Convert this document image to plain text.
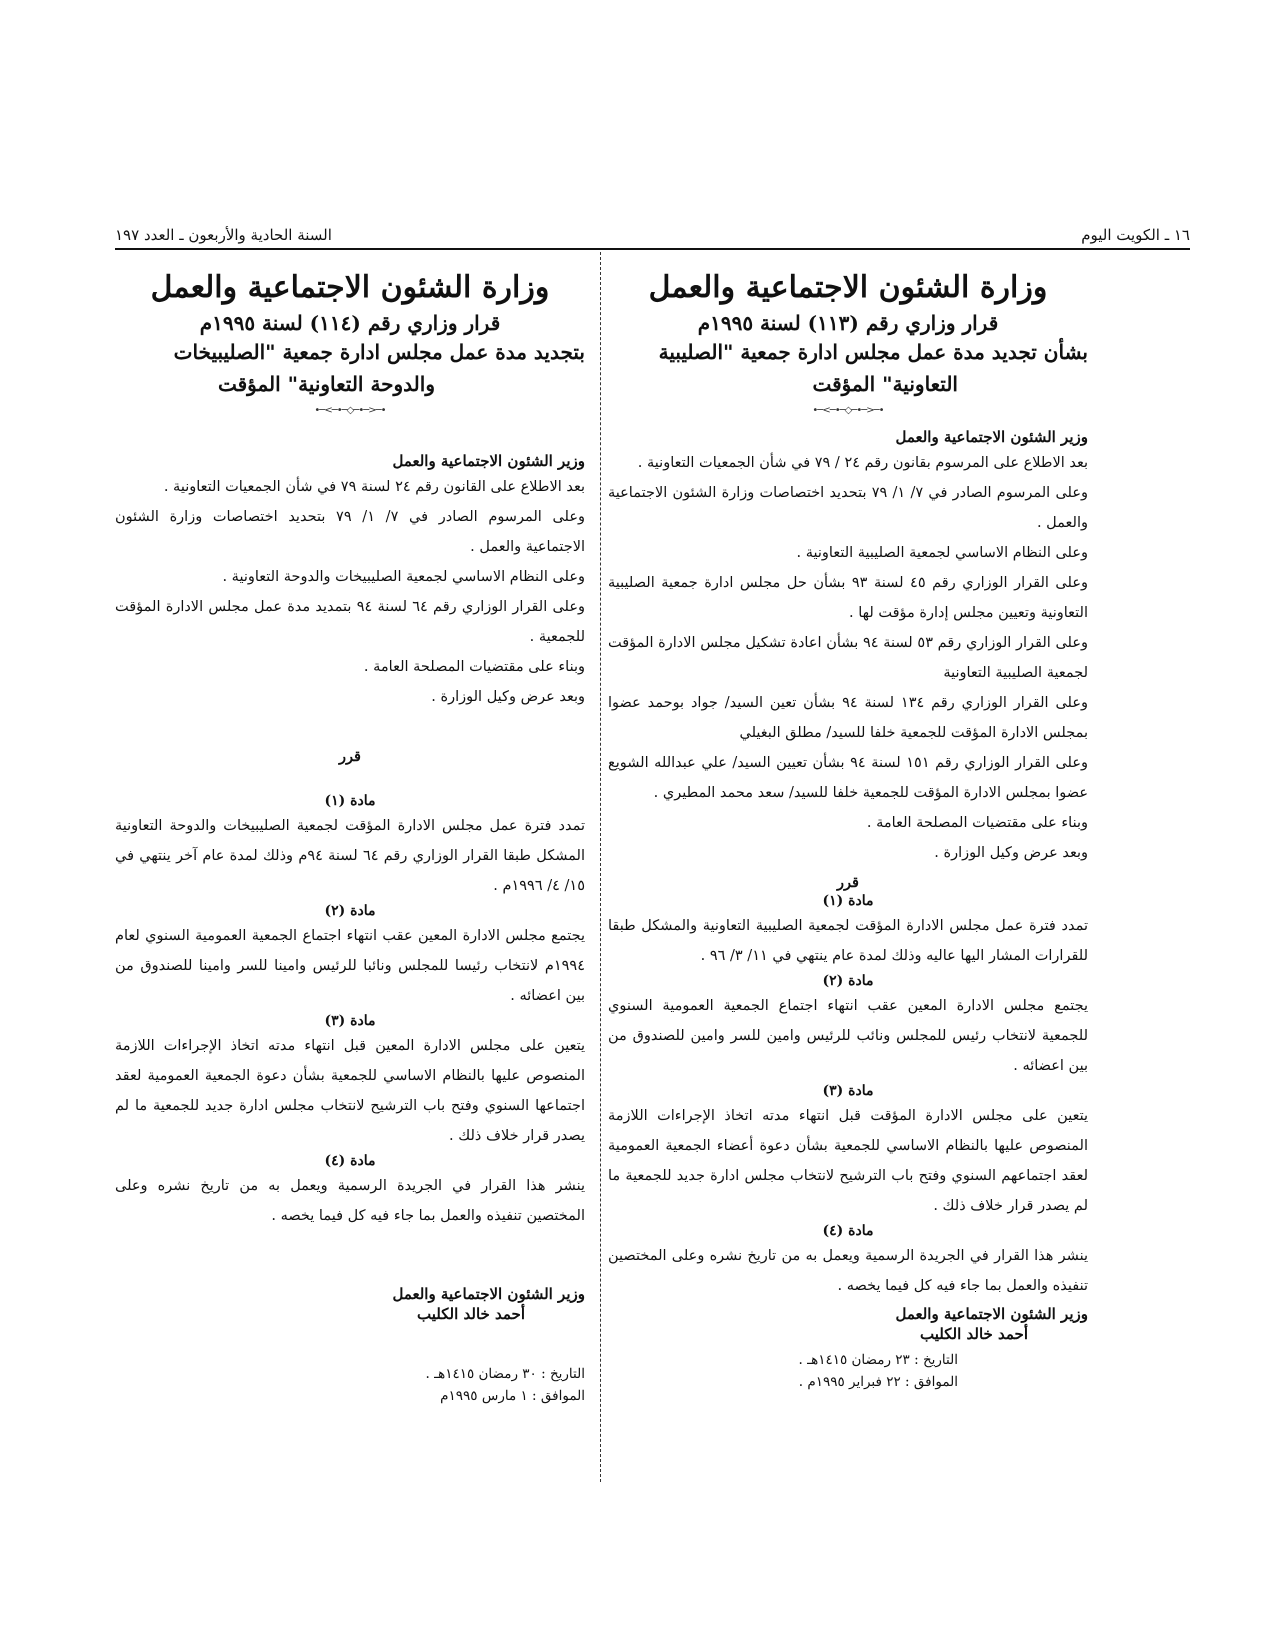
١٦ ـ الكويت اليوم
السنة الحادية والأربعون ـ العدد ١٩٧
وزارة الشئون الاجتماعية والعمل
قرار وزاري رقم (١١٣) لسنة ١٩٩٥م
بشأن تجديد مدة عمل مجلس ادارة جمعية "الصليبية
التعاونية" المؤقت
•─<─•─◇─•─>─•
وزير الشئون الاجتماعية والعمل

بعد الاطلاع على المرسوم بقانون رقم ٢٤ / ٧٩ في شأن الجمعيات التعاونية .

وعلى المرسوم الصادر في ٧/ ١/ ٧٩ بتحديد اختصاصات وزارة الشئون الاجتماعية والعمل .

وعلى النظام الاساسي لجمعية الصليبية التعاونية .

وعلى القرار الوزاري رقم ٤٥ لسنة ٩٣ بشأن حل مجلس ادارة جمعية الصليبية التعاونية وتعيين مجلس إدارة مؤقت لها .

وعلى القرار الوزاري رقم ٥٣ لسنة ٩٤ بشأن اعادة تشكيل مجلس الادارة المؤقت لجمعية الصليبية التعاونية

وعلى القرار الوزاري رقم ١٣٤ لسنة ٩٤ بشأن تعين السيد/ جواد بوحمد عضوا بمجلس الادارة المؤقت للجمعية خلفا للسيد/ مطلق البغيلي

وعلى القرار الوزاري رقم ١٥١ لسنة ٩٤ بشأن تعيين السيد/ علي عبدالله الشويع عضوا بمجلس الادارة المؤقت للجمعية خلفا للسيد/ سعد محمد المطيري .

وبناء على مقتضيات المصلحة العامة .

وبعد عرض وكيل الوزارة .

قرر
مادة (١)

تمدد فترة عمل مجلس الادارة المؤقت لجمعية الصليبية التعاونية والمشكل طبقا للقرارات المشار اليها عاليه وذلك لمدة عام ينتهي في ١١/ ٣/ ٩٦ .

مادة (٢)

يجتمع مجلس الادارة المعين عقب انتهاء اجتماع الجمعية العمومية السنوي للجمعية لانتخاب رئيس للمجلس ونائب للرئيس وامين للسر وامين للصندوق من بين اعضائه .

مادة (٣)

يتعين على مجلس الادارة المؤقت قبل انتهاء مدته اتخاذ الإجراءات اللازمة المنصوص عليها بالنظام الاساسي للجمعية بشأن دعوة أعضاء الجمعية العمومية لعقد اجتماعهم السنوي وفتح باب الترشيح لانتخاب مجلس ادارة جديد للجمعية ما لم يصدر قرار خلاف ذلك .

مادة (٤)

ينشر هذا القرار في الجريدة الرسمية ويعمل به من تاريخ نشره وعلى المختصين تنفيذه والعمل بما جاء فيه كل فيما يخصه .

وزير الشئون الاجتماعية والعمل
أحمد خالد الكليب
التاريخ : ٢٣ رمضان ١٤١٥هـ .
الموافق : ٢٢ فبراير ١٩٩٥م .
وزارة الشئون الاجتماعية والعمل
قرار وزاري رقم (١١٤) لسنة ١٩٩٥م
بتجديد مدة عمل مجلس ادارة جمعية "الصليبيخات
والدوحة التعاونية" المؤقت
•─<─•─◇─•─>─•
وزير الشئون الاجتماعية والعمل

بعد الاطلاع على القانون رقم ٢٤ لسنة ٧٩ في شأن الجمعيات التعاونية .

وعلى المرسوم الصادر في ٧/ ١/ ٧٩ بتحديد اختصاصات وزارة الشئون الاجتماعية والعمل .

وعلى النظام الاساسي لجمعية الصليبيخات والدوحة التعاونية .

وعلى القرار الوزاري رقم ٦٤ لسنة ٩٤ بتمديد مدة عمل مجلس الادارة المؤقت للجمعية .

وبناء على مقتضيات المصلحة العامة .

وبعد عرض وكيل الوزارة .

قرر
مادة (١)

تمدد فترة عمل مجلس الادارة المؤقت لجمعية الصليبيخات والدوحة التعاونية المشكل طبقا القرار الوزاري رقم ٦٤ لسنة ٩٤م وذلك لمدة عام آخر ينتهي في ١٥/ ٤/ ١٩٩٦م .

مادة (٢)

يجتمع مجلس الادارة المعين عقب انتهاء اجتماع الجمعية العمومية السنوي لعام ١٩٩٤م لانتخاب رئيسا للمجلس ونائبا للرئيس وامينا للسر وامينا للصندوق من بين اعضائه .

مادة (٣)

يتعين على مجلس الادارة المعين قبل انتهاء مدته اتخاذ الإجراءات اللازمة المنصوص عليها بالنظام الاساسي للجمعية بشأن دعوة الجمعية العمومية لعقد اجتماعها السنوي وفتح باب الترشيح لانتخاب مجلس ادارة جديد للجمعية ما لم يصدر قرار خلاف ذلك .

مادة (٤)

ينشر هذا القرار في الجريدة الرسمية ويعمل به من تاريخ نشره وعلى المختصين تنفيذه والعمل بما جاء فيه كل فيما يخصه .

وزير الشئون الاجتماعية والعمل
أحمد خالد الكليب
التاريخ : ٣٠ رمضان ١٤١٥هـ .
الموافق : ١ مارس ١٩٩٥م
